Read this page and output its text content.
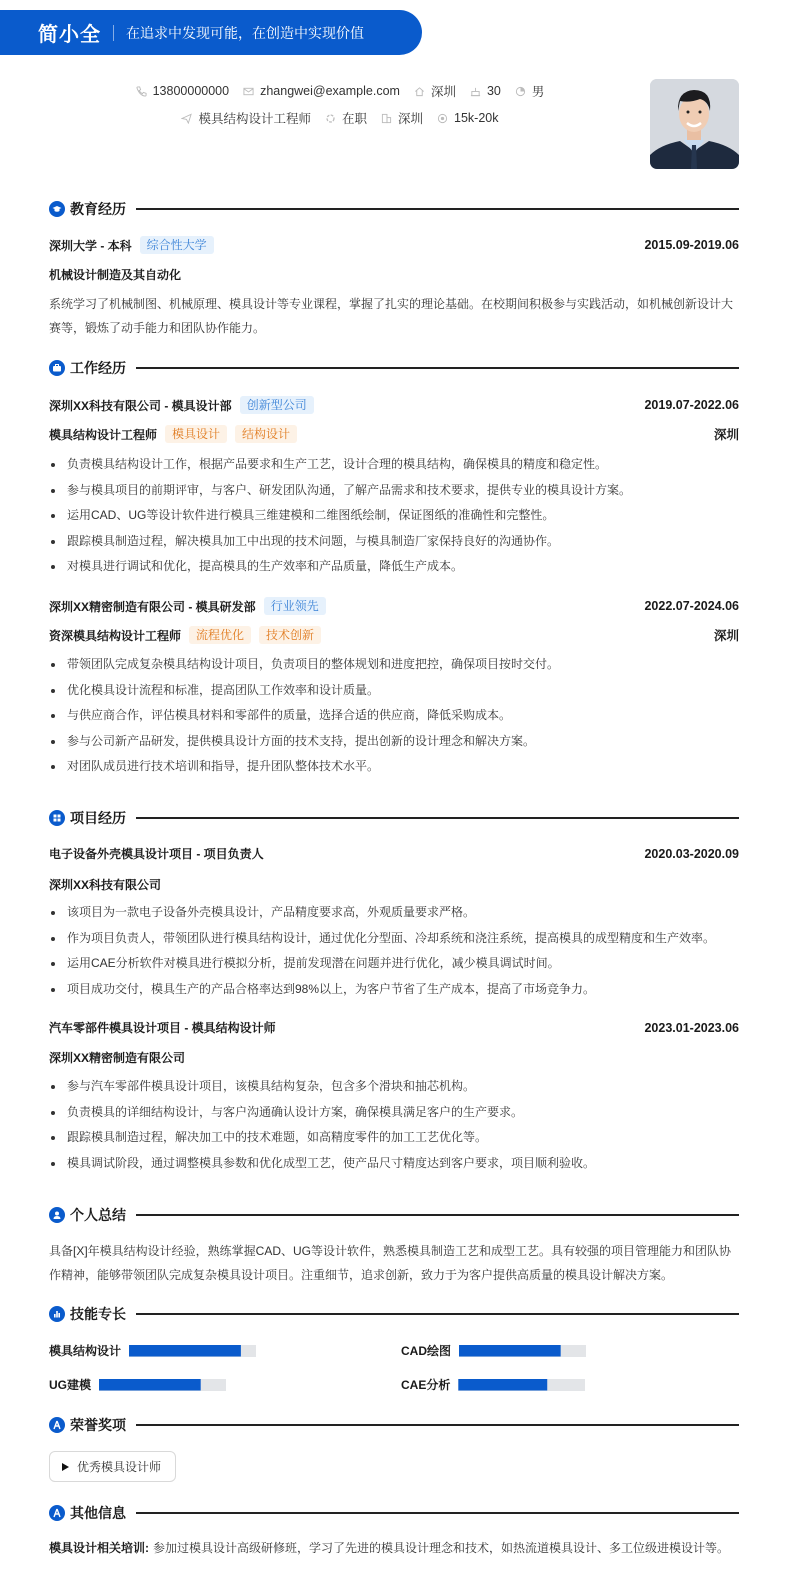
简小全 在追求中发现可能，在创造中实现价值
13800000000 zhangwei@example.com 深圳 30 男
模具结构设计工程师 在职 深圳 15k-20k
教育经历
深圳大学 - 本科	综合性大学	2015.09-2019.06
机械设计制造及其自动化
系统学习了机械制图、机械原理、模具设计等专业课程，掌握了扎实的理论基础。在校期间积极参与实践活动，如机械创新设计大赛等，锻炼了动手能力和团队协作能力。
工作经历
深圳XX科技有限公司 - 模具设计部	创新型公司	2019.07-2022.06
模具结构设计工程师	模具设计	结构设计	深圳
负责模具结构设计工作，根据产品要求和生产工艺，设计合理的模具结构，确保模具的精度和稳定性。
参与模具项目的前期评审，与客户、研发团队沟通，了解产品需求和技术要求，提供专业的模具设计方案。
运用CAD、UG等设计软件进行模具三维建模和二维图纸绘制，保证图纸的准确性和完整性。
跟踪模具制造过程，解决模具加工中出现的技术问题，与模具制造厂家保持良好的沟通协作。
对模具进行调试和优化，提高模具的生产效率和产品质量，降低生产成本。
深圳XX精密制造有限公司 - 模具研发部	行业领先	2022.07-2024.06
资深模具结构设计工程师	流程优化	技术创新	深圳
带领团队完成复杂模具结构设计项目，负责项目的整体规划和进度把控，确保项目按时交付。
优化模具设计流程和标准，提高团队工作效率和设计质量。
与供应商合作，评估模具材料和零部件的质量，选择合适的供应商，降低采购成本。
参与公司新产品研发，提供模具设计方面的技术支持，提出创新的设计理念和解决方案。
对团队成员进行技术培训和指导，提升团队整体技术水平。
项目经历
电子设备外壳模具设计项目 - 项目负责人	2020.03-2020.09
深圳XX科技有限公司
该项目为一款电子设备外壳模具设计，产品精度要求高，外观质量要求严格。
作为项目负责人，带领团队进行模具结构设计，通过优化分型面、冷却系统和浇注系统，提高模具的成型精度和生产效率。
运用CAE分析软件对模具进行模拟分析，提前发现潜在问题并进行优化，减少模具调试时间。
项目成功交付，模具生产的产品合格率达到98%以上，为客户节省了生产成本，提高了市场竞争力。
汽车零部件模具设计项目 - 模具结构设计师	2023.01-2023.06
深圳XX精密制造有限公司
参与汽车零部件模具设计项目，该模具结构复杂，包含多个滑块和抽芯机构。
负责模具的详细结构设计，与客户沟通确认设计方案，确保模具满足客户的生产要求。
跟踪模具制造过程，解决加工中的技术难题，如高精度零件的加工工艺优化等。
模具调试阶段，通过调整模具参数和优化成型工艺，使产品尺寸精度达到客户要求，项目顺利验收。
个人总结
具备[X]年模具结构设计经验，熟练掌握CAD、UG等设计软件，熟悉模具制造工艺和成型工艺。具有较强的项目管理能力和团队协作精神，能够带领团队完成复杂模具设计项目。注重细节，追求创新，致力于为客户提供高质量的模具设计解决方案。
技能专长
模具结构设计	CAD绘图
UG建模	CAE分析
荣誉奖项
优秀模具设计师
其他信息
模具设计相关培训: 参加过模具设计高级研修班，学习了先进的模具设计理念和技术，如热流道模具设计、多工位级进模设计等。
